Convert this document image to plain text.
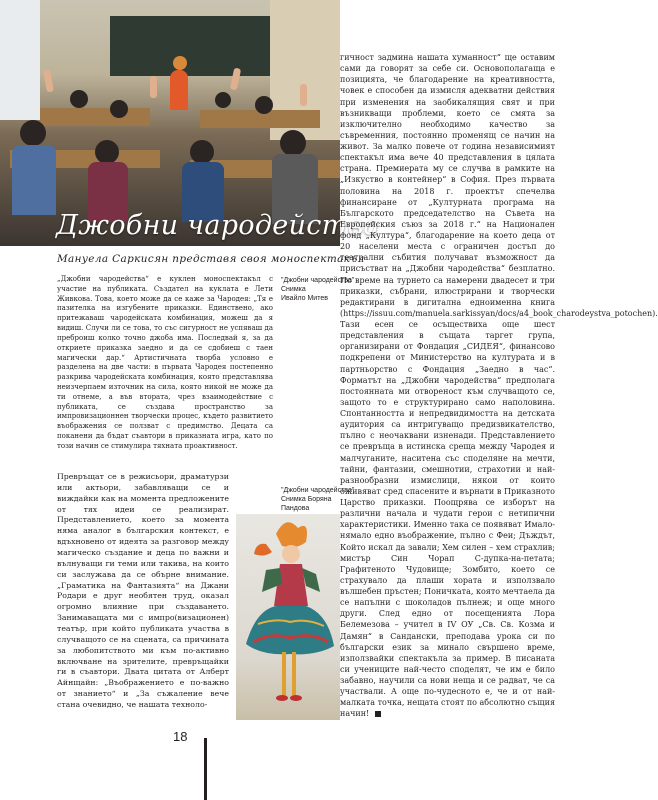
Джобни чародейства
Мануела Саркисян представя своя моноспектакъл
"Джобни чародейства"
Снимка
Ивайло Митев

„Джобни чародейства“ е куклен моноспектакъл с участие на публиката. Създател на куклата е Лети Живкова. Това, което може да се каже за Чародея: „Тя е пазителка на изгубените приказки. Единствено, ако притежаваш чародейската комбинация, можеш да я видиш. Случи ли се това, то със сигурност не успяваш да преброиш колко точно джоба има. Последвай я, за да откриете приказка заедно и да се сдобиеш с таен магически дар.“ Артистичната творба условно е разделена на две части: в първата Чародея постепенно разкрива чародейската комбинация, която представлява неизчерпаем източник на сила, която никой не може да ти отнеме, а във втората, чрез взаимодействие с публиката, се създава пространство за импровизационнен творчески процес, където развитието въображения се ползват с предимство. Децата са поканени да бъдат съавтори в приказната игра, като по този начин се стимулира тяхната проактивност.

"Джобни чародейства"
Снимка Боряна
Пандова

Превръщат се в режисьори, драматурзи или актьори, забавляващи се и виждайки как на момента предложените от тях идеи се реализират. Представлението, което за момента няма аналог в българския контекст, е вдъхновено от идеята за разговор между магическо създание и деца по важни и вълнуващи ги теми или такива, на които си заслужава да се обърне внимание. „Граматика на Фантазията“ на Джани Родари е друг необятен труд, оказал огромно влияние при създаването. Занимаващата ми с импро(визационен) театър, при който публиката участва в случващото се на сцената, са причината за любопитството ми към по-активно включване на зрителите, превръщайки ги в съавтори. Двата цитата от Алберт Айнщайн: „Въображението е по-важно от знанието“ и „За съжаление вече стана очевидно, че нашата техноло-

гичност задмина нашата хуманност“ ще оставим сами да говорят за себе си. Основополагаща е позицията, че благодарение на креативността, човек е способен да измисля адекватни действия при изменения на заобикалящия свят и при възникващи проблеми, което се смята за изключително необходимо качество за съвременния, постоянно променящ се начин на живот. За малко повече от година независимият спектакъл има вече 40 представления в цялата страна. Премиерата му се случва в рамките на „Изкуство в контейнер“ в София. През първата половина на 2018 г. проектът спечелва финансиране от „Културната програма на Българското председателство на Съвета на Европейския съюз за 2018 г.“ на Национален фонд „Култура“, благодарение на което деца от 20 населени места с ограничен достъп до театрални събития получават възможност да присъстват на „Джобни чародейства“ безплатно. По време на турнето са намерени двадесет и три приказки, събрани, илюстрирани и творчески редактирани в дигитална едноименна книга (https://issuu.com/manuela.sarkissyan/docs/a4_book_charodeystva_potochen). Тази есен се осъществиха още шест представления в същата таргет група, организирани от Фондация „СИДЕЯ“, финансово подкрепени от Министерство на културата и в партньорство с Фондация „Заедно в час“. Форматът на „Джобни чародейства“ предполага постоянната ми отвореност към случващото се, защото то е структурирано само наполовина. Спонтанността и непредвидимостта на детската аудитория са интригуващо предизвикателство, пълно с неочаквани изненади. Представлението се превръща в истинска среща между Чародея и малчуганите, наситена със споделяне на мечти, тайни, фантазии, смешнотии, страхотии и най-разнообразни измислици, някои от които оживяват сред спасените и върнати в Приказното Царство приказки. Поощрява се изборът на различни начала и чудати герои с нетипични характеристики. Именно така се появяват Имало-нямало едно въображение, пълно с Феи; Дъждът, Който искал да завали; Хем силен – хем страхлив; мистър Син Чорап С-дупка-на-петата; Графитеното Чудовище; Зомбито, което се страхувало да плаши хората и използвало вълшебен пръстен; Поничката, която мечтаела да се напълни с шоколадов пълнеж; и още много други. След едно от посещенията Лора Белемезова – учител в IV ОУ „Св. Св. Козма и Дамян“ в Сандански, преподава урока си по български език за минало свършено време, използвайки спектакъла за пример. В писаната си учениците най-често споделят, че им е било забавно, научили са нови неща и се радват, че са участвали. А още по-чудесното е, че и от най-малката точка, нещата стоят по абсолютно същия начин!

18
